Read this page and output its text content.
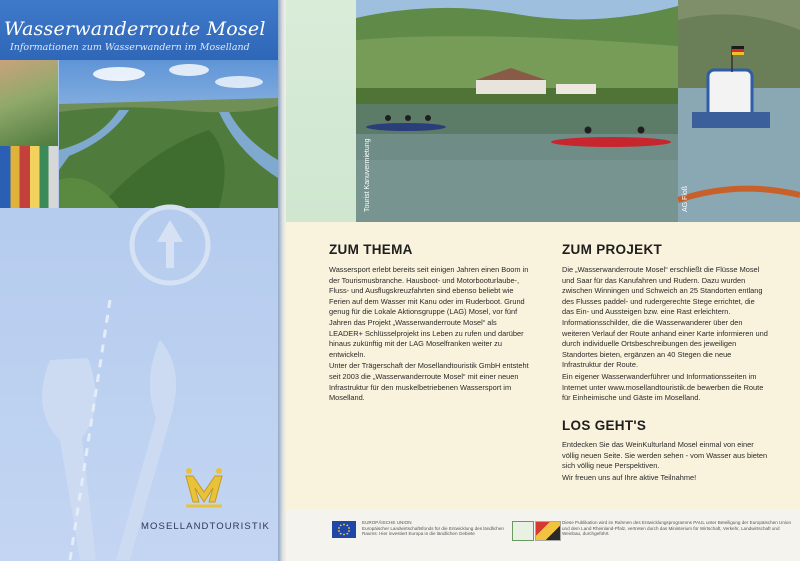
Wasserwanderroute Mosel
Informationen zum Wasserwandern im Moselland
MOSELLANDTOURISTIK
Tourist Kanuvermietung	AG Floß
ZUM THEMA

Wassersport erlebt bereits seit einigen Jahren einen Boom in der Tourismusbranche. Hausboot- und Motorbooturlaube-, Fluss- und Ausflugskreuzfahrten sind ebenso beliebt wie Ferien auf dem Wasser mit Kanu oder im Ruderboot. Grund genug für die Lokale Aktionsgruppe (LAG) Mosel, vor fünf Jahren das Projekt „Wasserwanderroute Mosel“ als LEADER+ Schlüsselprojekt ins Leben zu rufen und darüber hinaus zukünftig mit der LAG Moselfranken weiter zu entwickeln.

Unter der Trägerschaft der Mosellandtouristik GmbH entsteht seit 2003 die „Wasserwanderroute Mosel“ mit einer neuen Infrastruktur für den muskelbetriebenen Wassersport im Moselland.

ZUM PROJEKT

Die „Wasserwanderroute Mosel“ erschließt die Flüsse Mosel und Saar für das Kanufahren und Rudern. Dazu wurden zwischen Winningen und Schweich an 25 Standorten entlang des Flusses paddel- und rudergerechte Stege errichtet, die das Ein- und Aussteigen bzw. eine Rast erleichtern. Informationsschilder, die die Wasserwanderer über den weiteren Verlauf der Route anhand einer Karte informieren und durch individuelle Ortsbeschreibungen des jeweiligen Standortes bieten, ergänzen an 40 Stegen die neue Infrastruktur der Route.

Ein eigener Wasserwanderführer und Informationsseiten im Internet unter www.mosellandtouristik.de bewerben die Route für Einheimische und Gäste im Moselland.

LOS GEHT'S

Entdecken Sie das WeinKulturland Mosel einmal von einer völlig neuen Seite. Sie werden sehen - vom Wasser aus bieten sich völlig neue Perspektiven.

Wir freuen uns auf Ihre aktive Teilnahme!

EUROPÄISCHE UNION
Europäischer Landwirtschaftsfonds für die Entwicklung des ländlichen Raums: Hier investiert Europa in die ländlichen Gebiete
Diese Publikation wird im Rahmen des Entwicklungsprogramms PAUL unter Beteiligung der Europäischen Union und dem Land Rheinland-Pfalz, vertreten durch das Ministerium für Wirtschaft, Verkehr, Landwirtschaft und Weinbau, durchgeführt.
